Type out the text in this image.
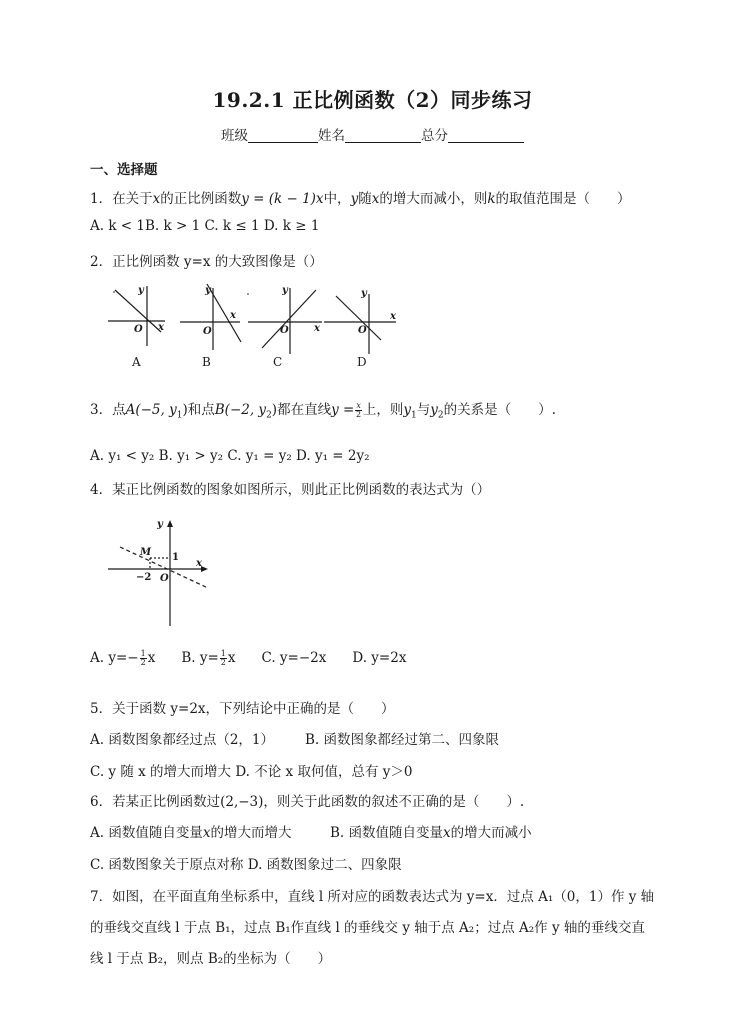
19.2.1 正比例函数（2）同步练习
班级	姓名	总分
一、选择题
1．在关于x的正比例函数y = (k − 1)x中，y随x的增大而减小，则k的取值范围是（　　）
A. k < 1B. k > 1 C. k ≤ 1 D. k ≥ 1
2．正比例函数 y=x 的大致图像是（）
y
x
O
y
x
O
y
x
O
y
x
O
A	B	C	D
3．点A(−5, $y_1$)和点B(−2, $y_2$)都在直线$y = \frac{x}{2}$ 上，则$y_1$与$y_2$的关系是（　　）.
A. y₁ < y₂ B. y₁ > y₂ C. y₁ = y₂ D. y₁ = 2y₂
4．某正比例函数的图象如图所示，则此正比例函数的表达式为（）
y
x
M 1
−2 O
A. $y=- \frac{1}{2}$ x B. $y= \frac{1}{2}$ x C. y=−2x D. y=2x
5．关于函数 y=2x，下列结论中正确的是（　　）
A. 函数图象都经过点（2，1） B. 函数图象都经过第二、四象限
C. y 随 x 的增大而增大 D. 不论 x 取何值，总有 y＞0
6．若某正比例函数过(2,−3)，则关于此函数的叙述不正确的是（　　）.
A. 函数值随自变量x的增大而增大	B. 函数值随自变量x的增大而减小
C. 函数图象关于原点对称 D. 函数图象过二、四象限
7．如图，在平面直角坐标系中，直线 l 所对应的函数表达式为 y=x．过点 A₁（0，1）作 y 轴
的垂线交直线 l 于点 B₁，过点 B₁作直线 l 的垂线交 y 轴于点 A₂；过点 A₂作 y 轴的垂线交直
线 l 于点 B₂，则点 B₂的坐标为（　　）
